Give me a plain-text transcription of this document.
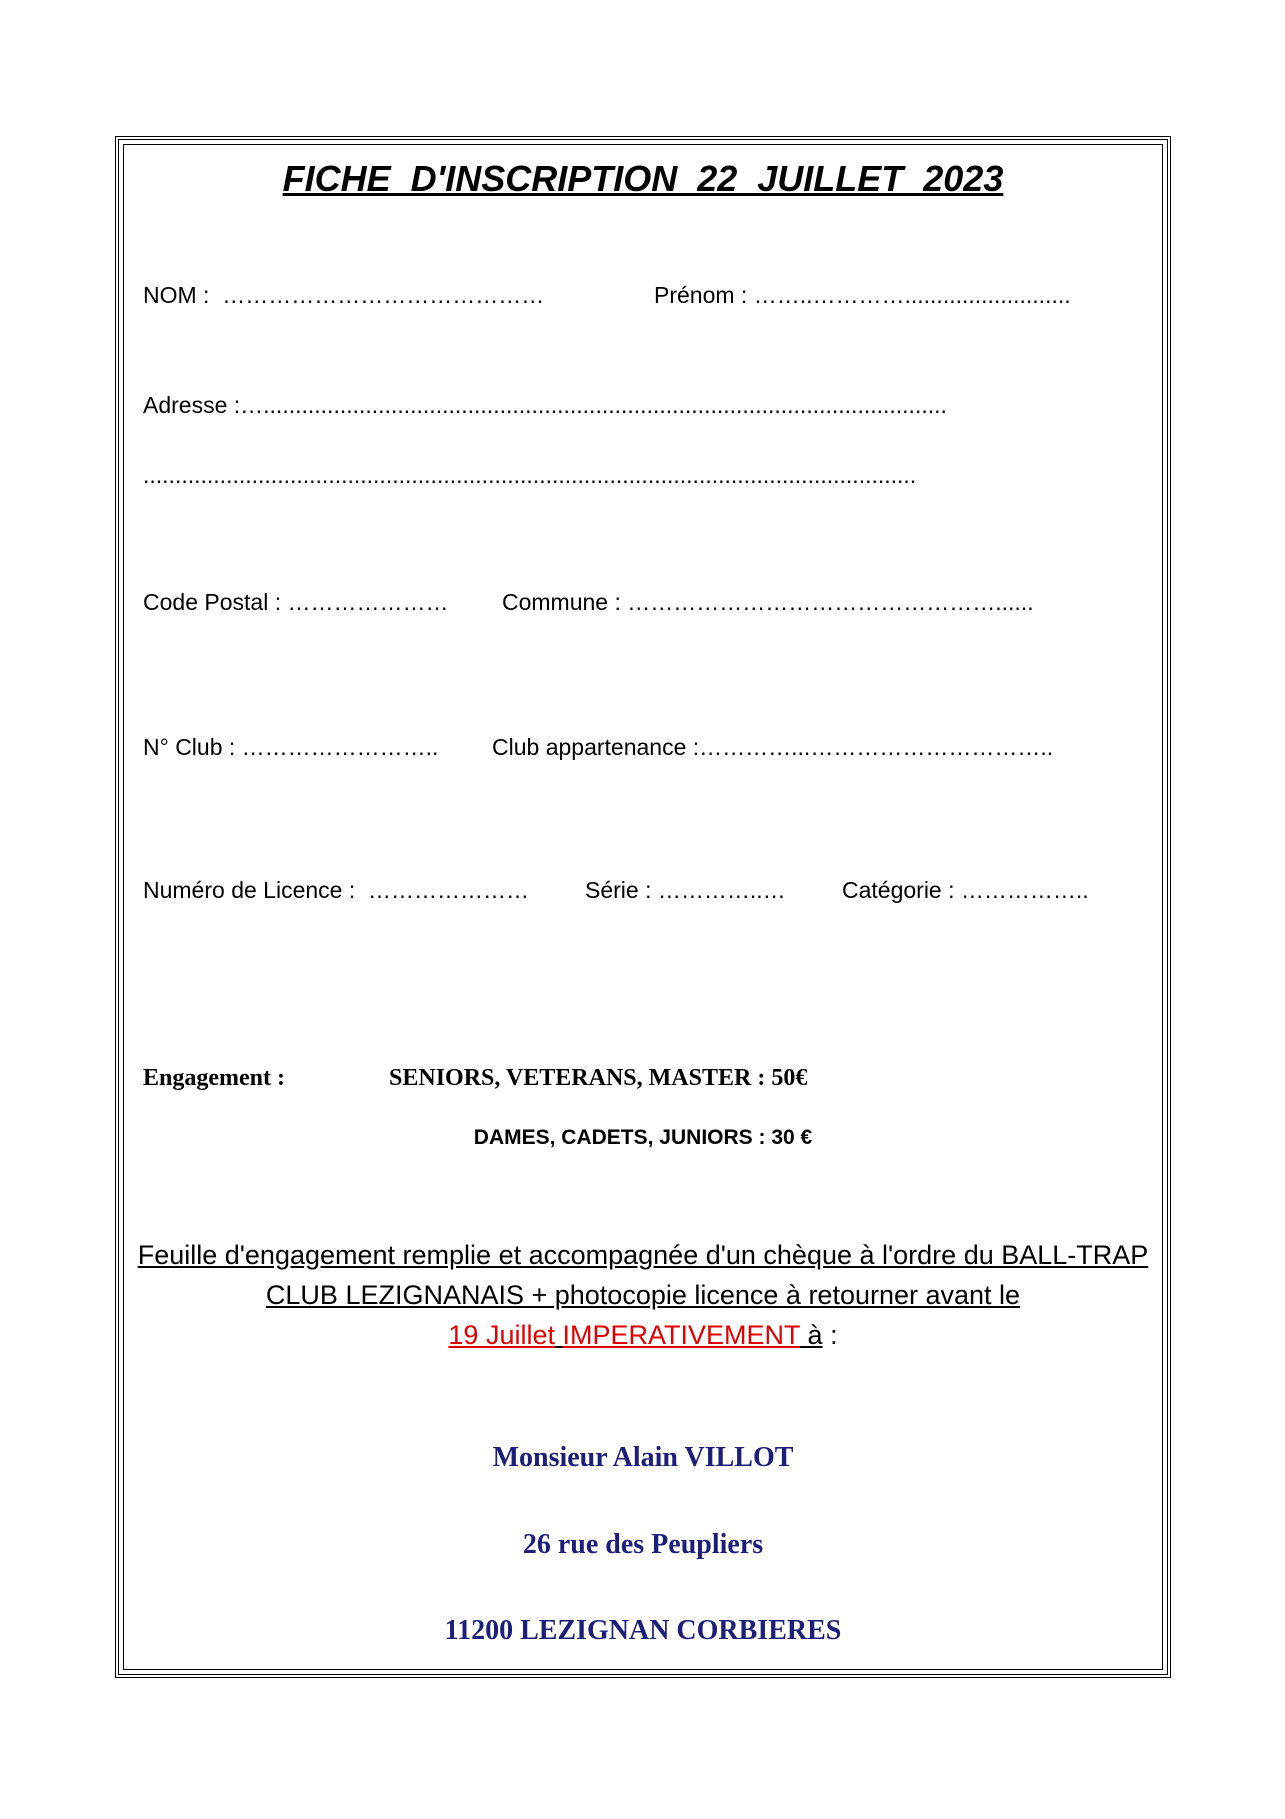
FICHE  D'INSCRIPTION  22  JUILLET  2023
NOM :  ……………………………………	Prénom : ……..…………..........................
Adresse :…...........................................................................................................
.........................................................................................................................
Code Postal : ………………… Commune : …………………………………………......
N° Club : …………………….. Club appartenance :…………...…………………………..
Numéro de Licence :  ………………… Série : …………..… Catégorie : ……………..
Engagement :	SENIORS, VETERANS, MASTER : 50€
DAMES, CADETS, JUNIORS : 30 €
Feuille d'engagement remplie et accompagnée d'un chèque à l'ordre du BALL-TRAP CLUB LEZIGNANAIS + photocopie licence à retourner avant le
19 Juillet IMPERATIVEMENT à :
Monsieur Alain VILLOT
26 rue des Peupliers
11200 LEZIGNAN CORBIERES
